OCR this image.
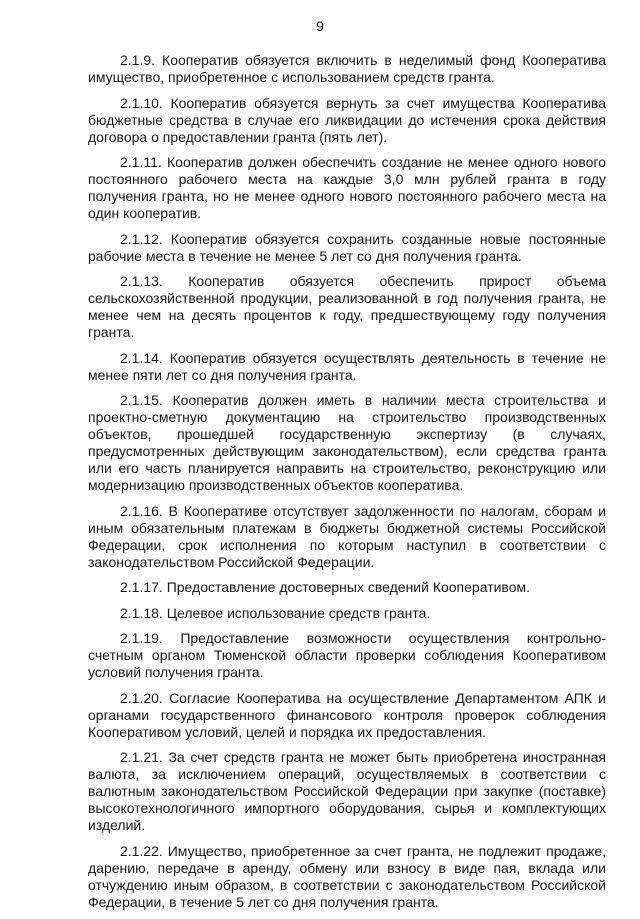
9

2.1.9. Кооператив обязуется включить в неделимый фонд Кооператива имущество, приобретенное с использованием средств гранта.

2.1.10. Кооператив обязуется вернуть за счет имущества Кооператива бюджетные средства в случае его ликвидации до истечения срока действия договора о предоставлении гранта (пять лет).

2.1.11. Кооператив должен обеспечить создание не менее одного нового постоянного рабочего места на каждые 3,0 млн рублей гранта в году получения гранта, но не менее одного нового постоянного рабочего места на один кооператив.

2.1.12. Кооператив обязуется сохранить созданные новые постоянные рабочие места в течение не менее 5 лет со дня получения гранта.

2.1.13. Кооператив обязуется обеспечить прирост объема сельскохозяйственной продукции, реализованной в год получения гранта, не менее чем на десять процентов к году, предшествующему году получения гранта.

2.1.14. Кооператив обязуется осуществлять деятельность в течение не менее пяти лет со дня получения гранта.

2.1.15. Кооператив должен иметь в наличии места строительства и проектно-сметную документацию на строительство производственных объектов, прошедшей государственную экспертизу (в случаях, предусмотренных действующим законодательством), если средства гранта или его часть планируется направить на строительство, реконструкцию или модернизацию производственных объектов кооператива.

2.1.16. В Кооперативе отсутствует задолженности по налогам, сборам и иным обязательным платежам в бюджеты бюджетной системы Российской Федерации, срок исполнения по которым наступил в соответствии с законодательством Российской Федерации.

2.1.17. Предоставление достоверных сведений Кооперативом.

2.1.18. Целевое использование средств гранта.

2.1.19. Предоставление возможности осуществления контрольно-счетным органом Тюменской области проверки соблюдения Кооперативом условий получения гранта.

2.1.20. Согласие Кооператива на осуществление Департаментом АПК и органами государственного финансового контроля проверок соблюдения Кооперативом условий, целей и порядка их предоставления.

2.1.21. За счет средств гранта не может быть приобретена иностранная валюта, за исключением операций, осуществляемых в соответствии с валютным законодательством Российской Федерации при закупке (поставке) высокотехнологичного импортного оборудования, сырья и комплектующих изделий.

2.1.22. Имущество, приобретенное за счет гранта, не подлежит продаже, дарению, передаче в аренду, обмену или взносу в виде пая, вклада или отчуждению иным образом, в соответствии с законодательством Российской Федерации, в течение 5 лет со дня получения гранта.
